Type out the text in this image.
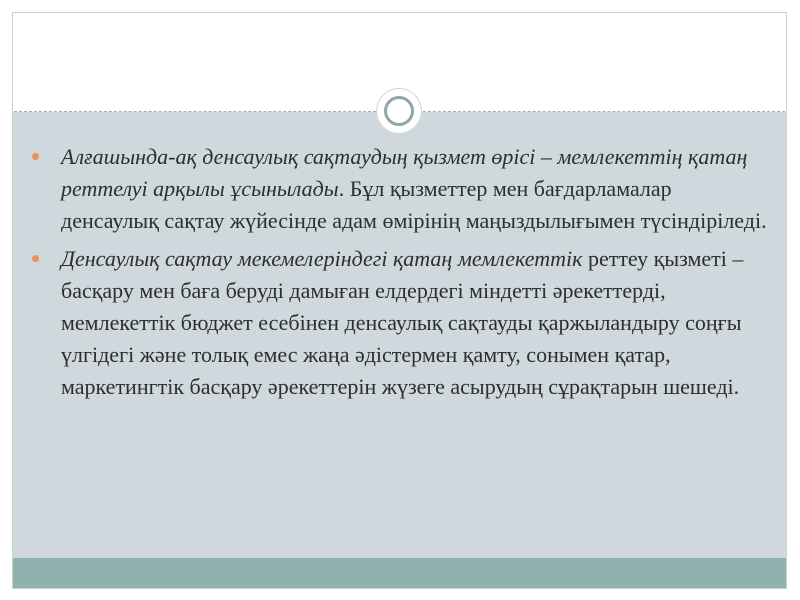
Алғашында-ақ денсаулық сақтаудың қызмет өрісі – мемлекеттің қатаң реттелуі арқылы ұсынылады. Бұл қызметтер мен бағдарламалар денсаулық сақтау жүйесінде адам өмірінің маңыздылығымен түсіндіріледі.
Денсаулық сақтау мекемелеріндегі қатаң мемлекеттік реттеу қызметі – басқару мен баға беруді дамыған елдердегі міндетті әрекеттерді, мемлекеттік бюджет есебінен денсаулық сақтауды қаржыландыру соңғы үлгідегі және толық емес жаңа әдістермен қамту, сонымен қатар, маркетингтік басқару әрекеттерін жүзеге асырудың сұрақтарын шешеді.
